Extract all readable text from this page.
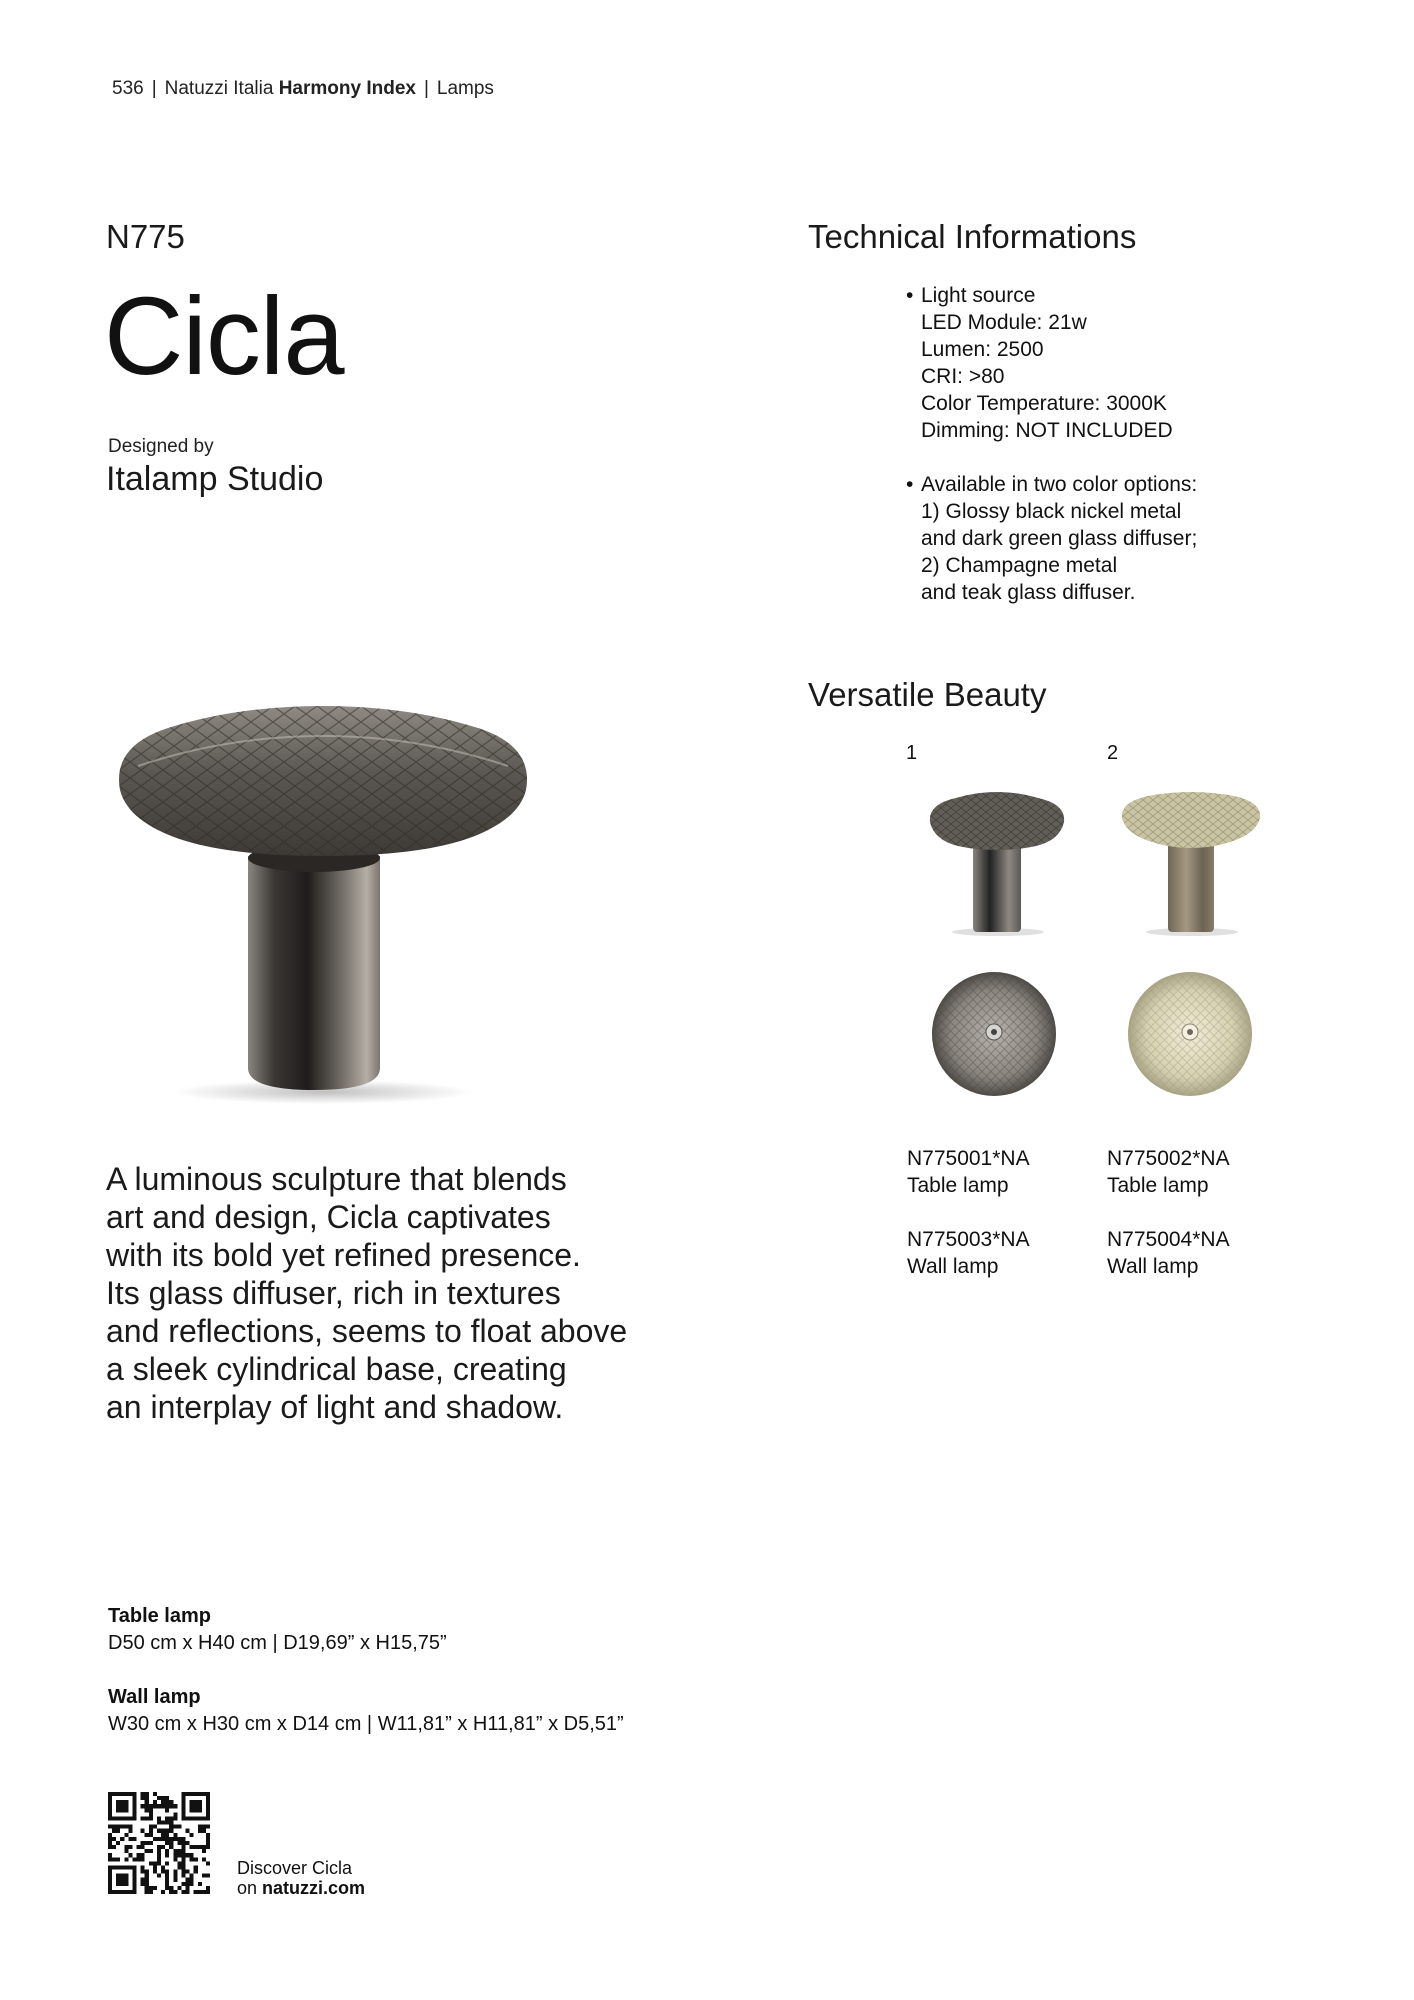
536 | Natuzzi Italia Harmony Index | Lamps
N775
Cicla
Designed by
Italamp Studio
Technical Informations
• Light source
LED Module: 21w
Lumen: 2500
CRI: >80
Color Temperature: 3000K
Dimming: NOT INCLUDED
• Available in two color options:
1) Glossy black nickel metal
and dark green glass diffuser;
2) Champagne metal
and teak glass diffuser.
Versatile Beauty
1	2
N775001*NA
Table lamp
N775002*NA
Table lamp
N775003*NA
Wall lamp
N775004*NA
Wall lamp
A luminous sculpture that blends
art and design, Cicla captivates
with its bold yet refined presence.
Its glass diffuser, rich in textures
and reflections, seems to float above
a sleek cylindrical base, creating
an interplay of light and shadow.
Table lamp
D50 cm x H40 cm | D19,69” x H15,75”
Wall lamp
W30 cm x H30 cm x D14 cm | W11,81” x H11,81” x D5,51”
Discover Cicla
on natuzzi.com
